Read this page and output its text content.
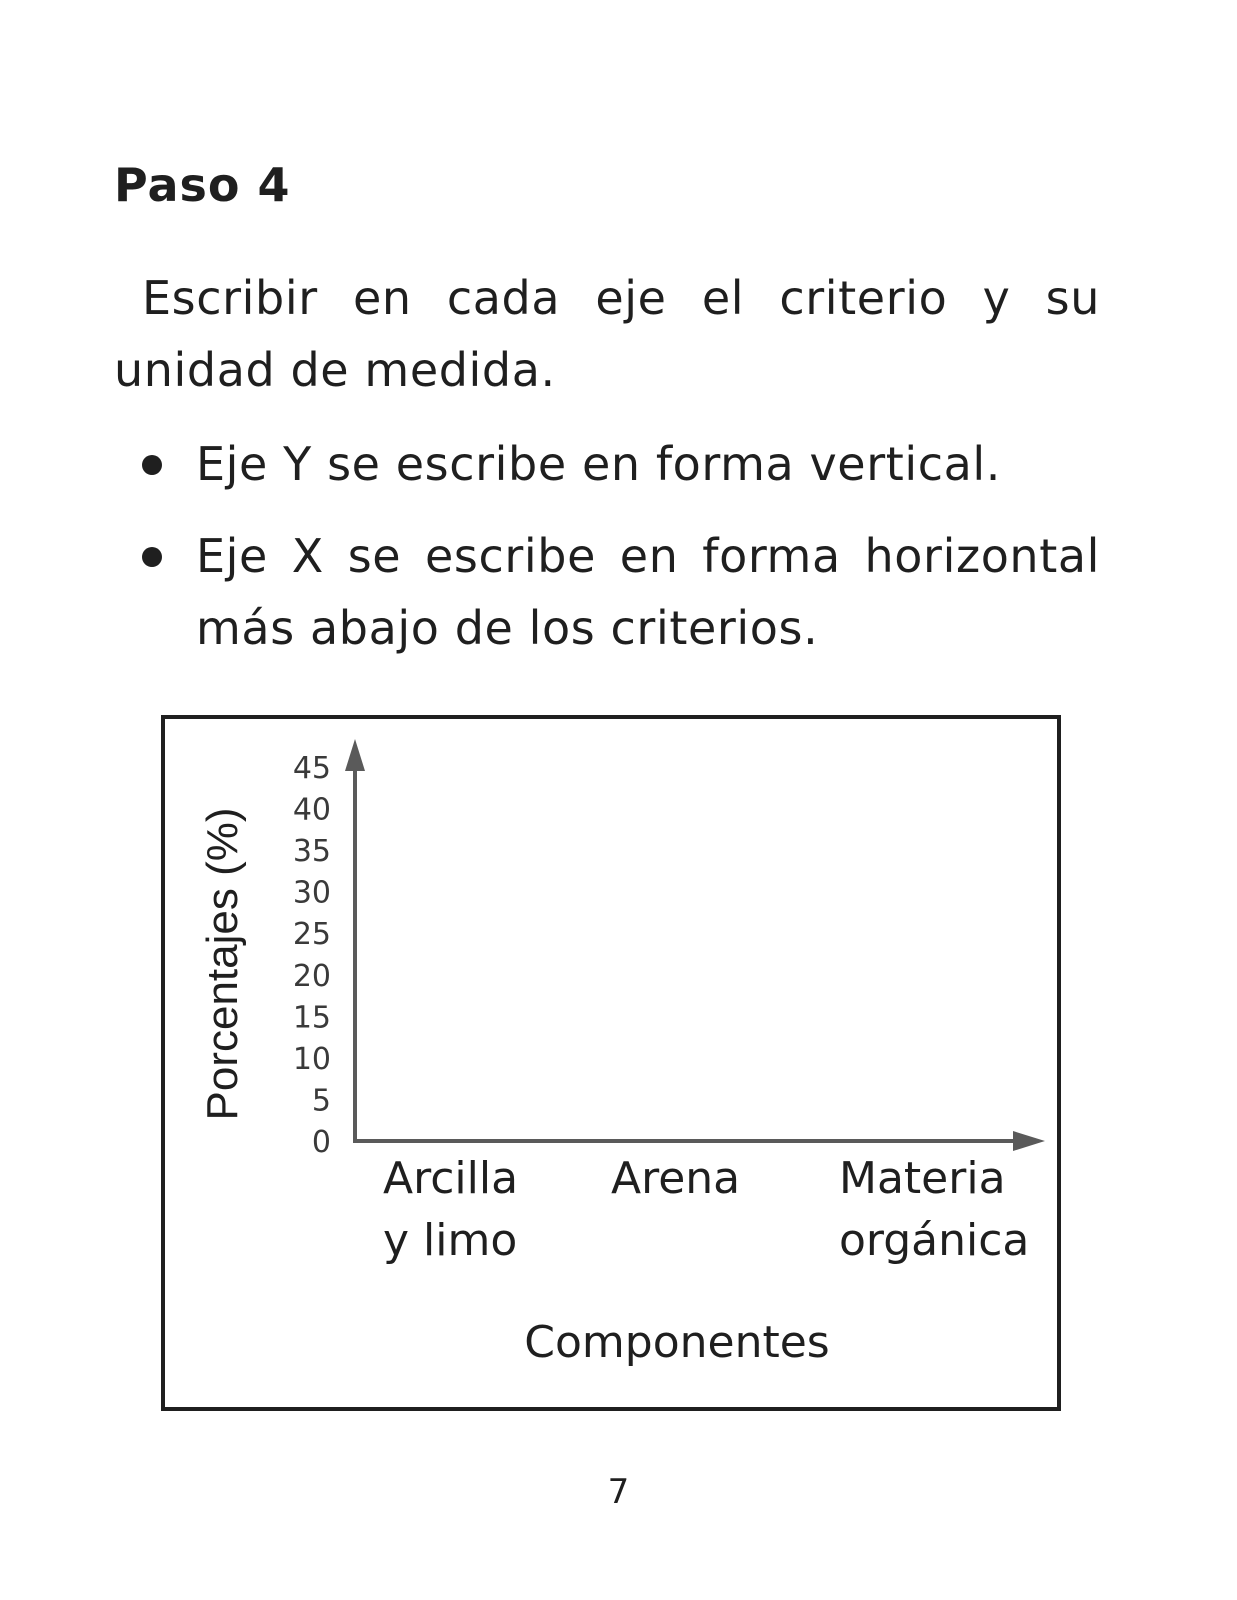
Paso 4

Escribir en cada eje el criterio y su unidad de medida.

Eje Y se escribe en forma vertical.
Eje X se escribe en forma horizontal más abajo de los criterios.
0
5
10
15
20
25
30
35
40
45
Arcilla y limo
Arena Materia orgánica
Porcentajes (%)
Componentes

7
